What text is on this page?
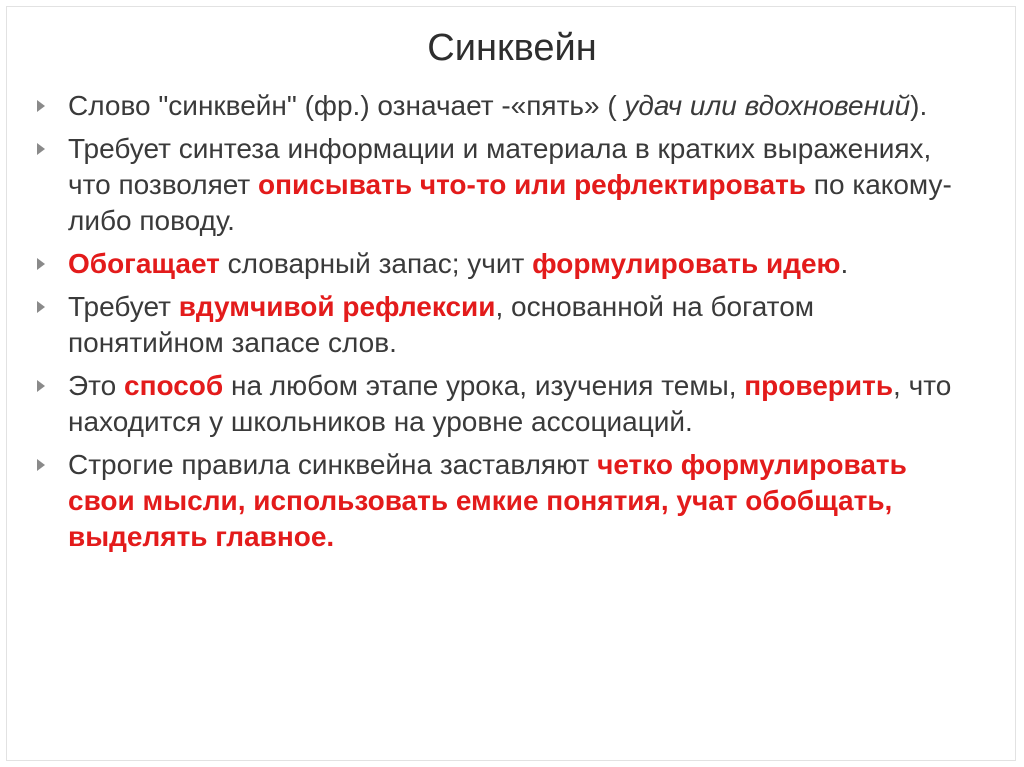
Синквейн
Слово "синквейн" (фр.) означает -«пять» ( удач или вдохновений).
Требует синтеза информации и материала в кратких выражениях, что позволяет описывать что-то или рефлектировать по какому-либо поводу.
Обогащает словарный запас; учит формулировать идею.
Требует вдумчивой рефлексии, основанной на богатом понятийном запасе слов.
Это способ на любом этапе урока, изучения темы, проверить, что находится у школьников на уровне ассоциаций.
Строгие правила синквейна заставляют четко формулировать свои мысли, использовать емкие понятия, учат обобщать, выделять главное.
